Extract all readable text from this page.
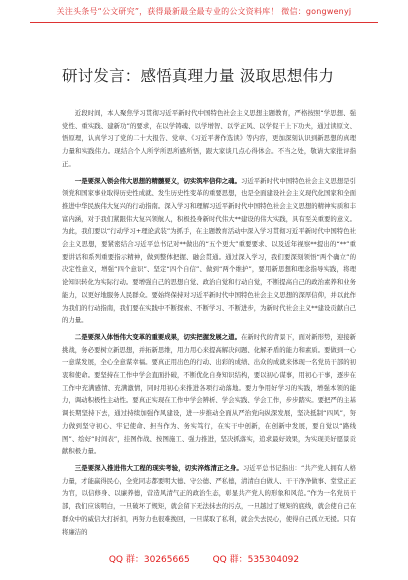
关注头条号“公文研究”，获得最新最全最专业的公文资料库！ 微信：gongwenyj
研讨发言：感悟真理力量 汲取思想伟力

近段时间，本人聚焦学习贯彻习近平新时代中国特色社会主义思想主题教育，严格按照“学思想、强党性、重实践、建新功”的要求，在以学铸魂、以学增智、以学正风、以学促干上下功夫，通过读原文、悟原理，认真学习了党的二十大报告、党章、《习近平著作选读》等内容，更加深刻认识到新思想的真理力量和实践伟力。现结合个人所学所思所感所悟，跟大家谈几点心得体会。不当之处，敬请大家批评指正。

一是要深入领会伟大思想的精髓要义，切实筑牢信仰之魂。习近平新时代中国特色社会主义思想是引领党和国家事业取得历史性成就、发生历史性变革的重要思想，也是全面建设社会主义现代化国家和全面推进中华民族伟大复兴的行动指南。深入学习和理解习近平新时代中国特色社会主义思想的精神实质和丰富内涵，对于我们紧跟伟大复兴领航人，积极投身新时代伟大**建设的伟大实践，具有至关重要的意义。为此，我们要以“行动学习+理论武装”为抓手，在主题教育活动中深入学习贯彻习近平新时代中国特色社会主义思想，要紧密结合习近平总书记对**做出的“五个更大”重要要求、以及近年视察**提出的“**”重要讲话和系列重要指示精神，做到整体把握、融会贯通。通过深入学习，我们要深刻领悟“两个确立”的决定性意义，增强“四个意识”、坚定“四个自信”、做到“两个维护”，要用新思想和理念指导实践，将理论知识转化为实际行动。要增强自己的思想自觉、政治自觉和行动自觉，不断提高自己的政治素养和业务能力，以更好地服务人民群众。要始终保持对习近平新时代中国特色社会主义思想的深厚信仰，并以此作为我们的行动指南，我们要在实践中不断探索、不断学习、不断进步，为新时代社会主义**建设贡献自己的力量。

二是要深入体悟伟大变革的重要成果，切实把握发展之道。在新时代的背景下，面对新形势，迎接新挑战，务必要树立新思想，并拓新思维，用力用心来提高解决问题、化解矛盾的能力和素质。要做到一心一意谋发展，全心全意谋幸福。要真正用出色的行动、出彩的成绩、出众的成就来体现一名党员干部的初衷和使命。要坚持在工作中学会直面扑破，不断优化自身知识结构，要以初心谋事，用初心干事，逐步在工作中充满感情、充满激情，同时用初心来推进各项行动落地。要力争用好学习的实践，增强本领的能力，调动积极性主动性。要真正实现在工作中学会辨析、学会实践、学会工作，步步踏实。要把严的主基调长期坚持下去，通过持续加强作风建设，进一步推动全面从严治党向纵深发展，坚决抵制“四风”，努力做到坚守初心、牢记使命、担当作为、务实笃行，在实干中创新，在创新中发展，要自觉以“路线图”、绘好“时间表”，挂图作战、按图施工、强力推进，坚决抓落实，追求最好效果，为实现美好愿景贡献积极力量。

三是要深入推进伟大工程的现实考验，切实淬炼清正之身。习近平总书记指出：“共产党人拥有人格力量，才能赢得民心，全党同志都要明大德、守公德、严私德，清清白白做人、干干净净做事、堂堂正正为官，以信修身、以廉养德，营造风清气正的政治生态，彰显共产党人的形象和风范。”作为一名党员干部，我们应该明白，一旦破坏了规矩，就会留下无法抹去的污点，一旦越过了规矩的底线，就会使自己在群众中的威信大打折扣，再努力也很难挽回，一旦谋取了私利，就会失去民心，使得自己孤立无援。只有将廉洁的

QQ 群：30265665	QQ 群：535304092
